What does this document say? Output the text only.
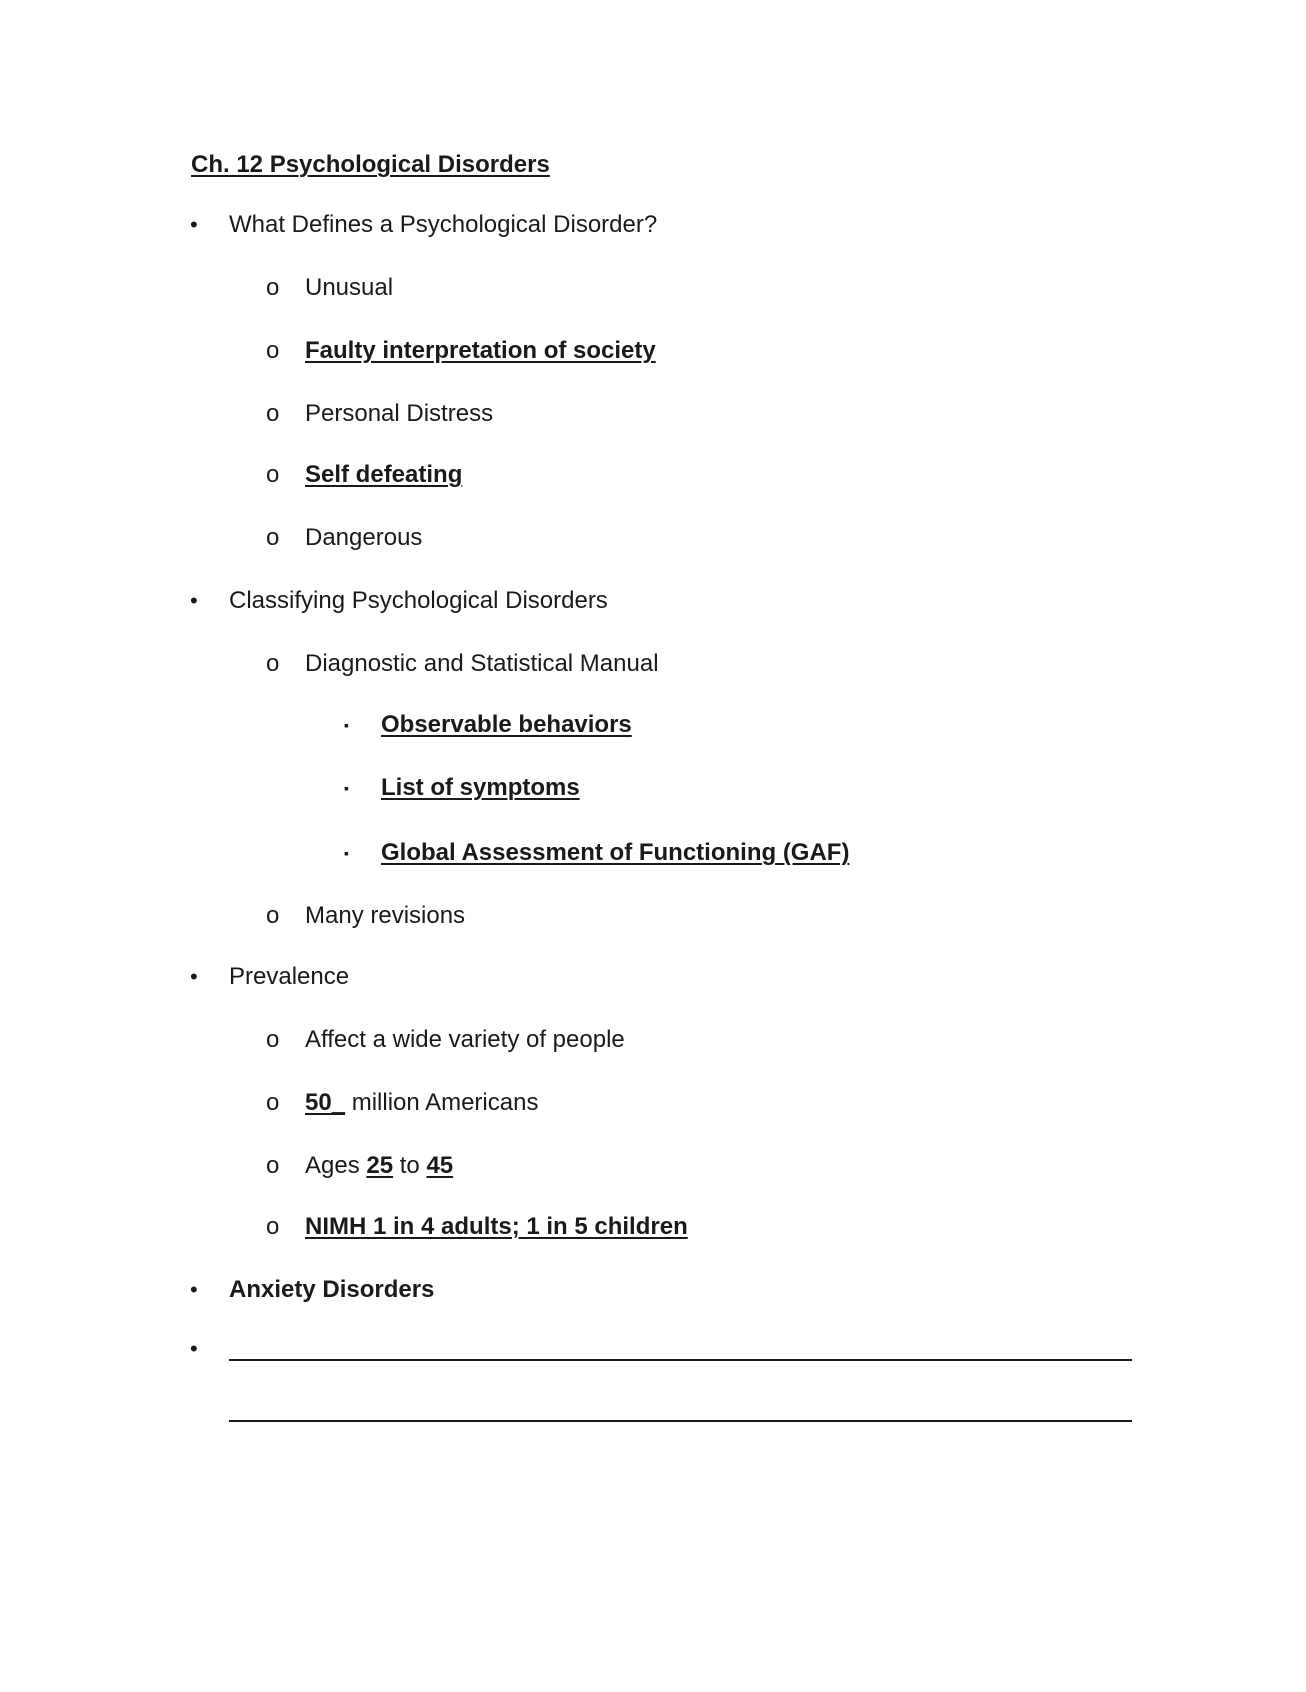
Ch. 12 Psychological Disorders
• What Defines a Psychological Disorder?
o Unusual
o Faulty interpretation of society
o Personal Distress
o Self defeating
o Dangerous
• Classifying Psychological Disorders
o Diagnostic and Statistical Manual
▪ Observable behaviors
▪ List of symptoms
▪ Global Assessment of Functioning (GAF)
o Many revisions
• Prevalence
o Affect a wide variety of people
o 50_ million Americans
o Ages 25 to 45
o NIMH 1 in 4 adults; 1 in 5 children
• Anxiety Disorders
•
